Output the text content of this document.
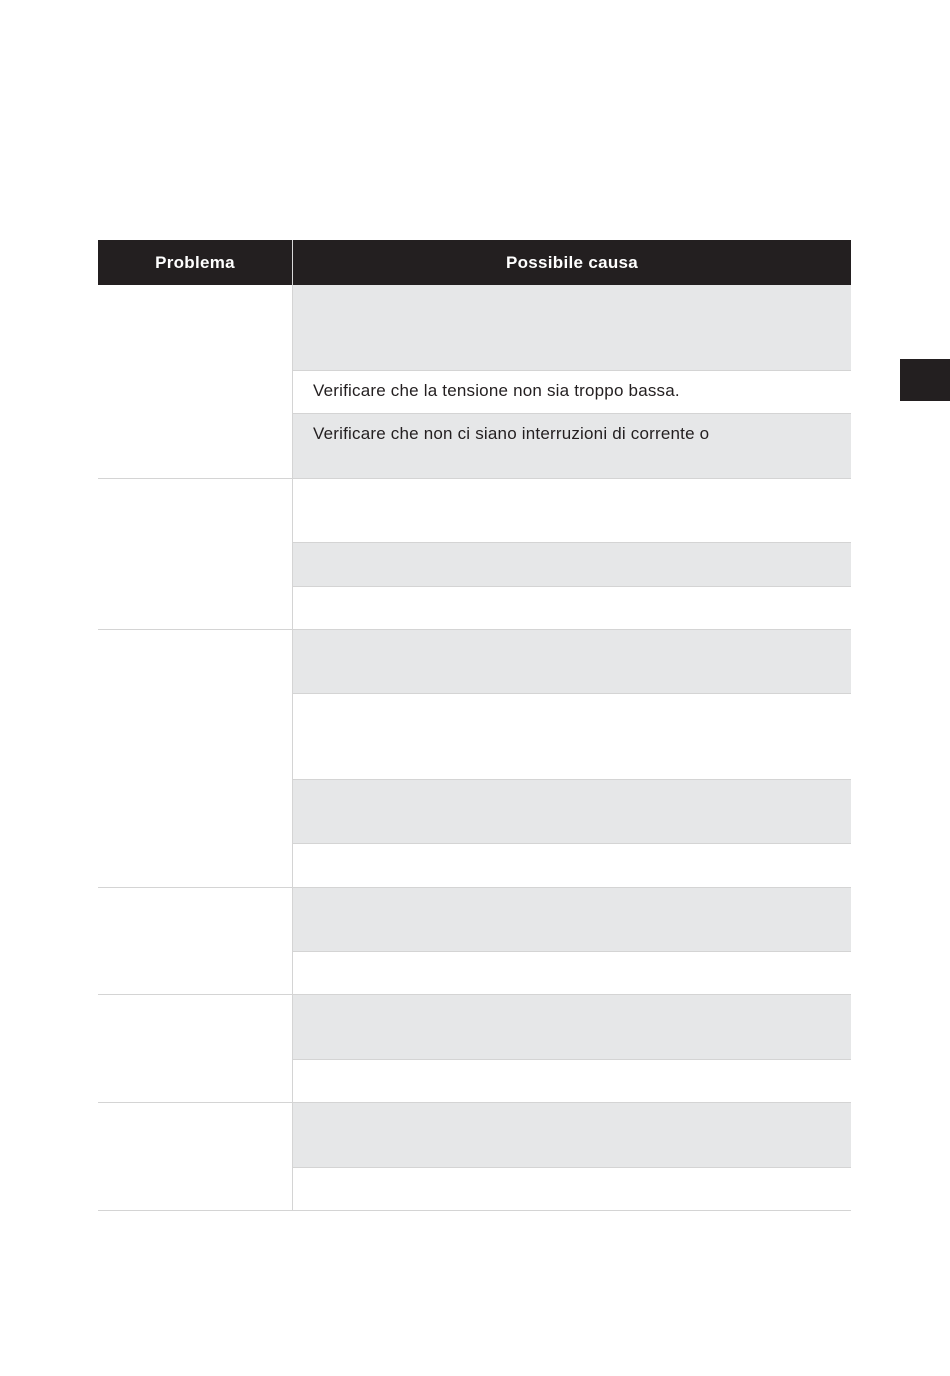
Problema	Possibile causa
Verificare che la tensione non sia troppo bassa.
Verificare che non ci siano interruzioni di corrente o
